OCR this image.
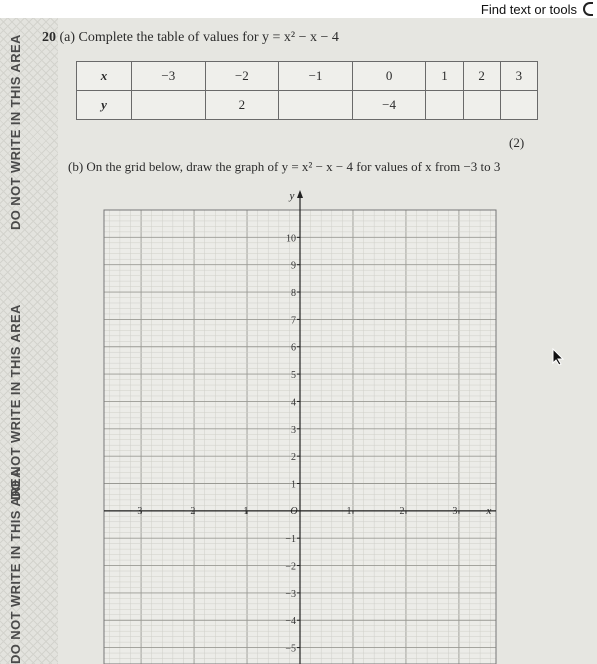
DO NOT WRITE IN THIS AREA
DO NOT WRITE IN THIS AREA
DO NOT WRITE IN THIS AREA
20 (a) Complete the table of values for y = x² − x − 4
x	−3	−2	−1	0	1	2	3
y		2		−4			
(2)
(b) On the grid below, draw the graph of y = x² − x − 4 for values of x from −3 to 3
10
9
8
7
6
5
4
3
2
1
−1
−2
−3
−4
−5
−3	−2	−1	1	2	3
O	x
y
Find text or tools
